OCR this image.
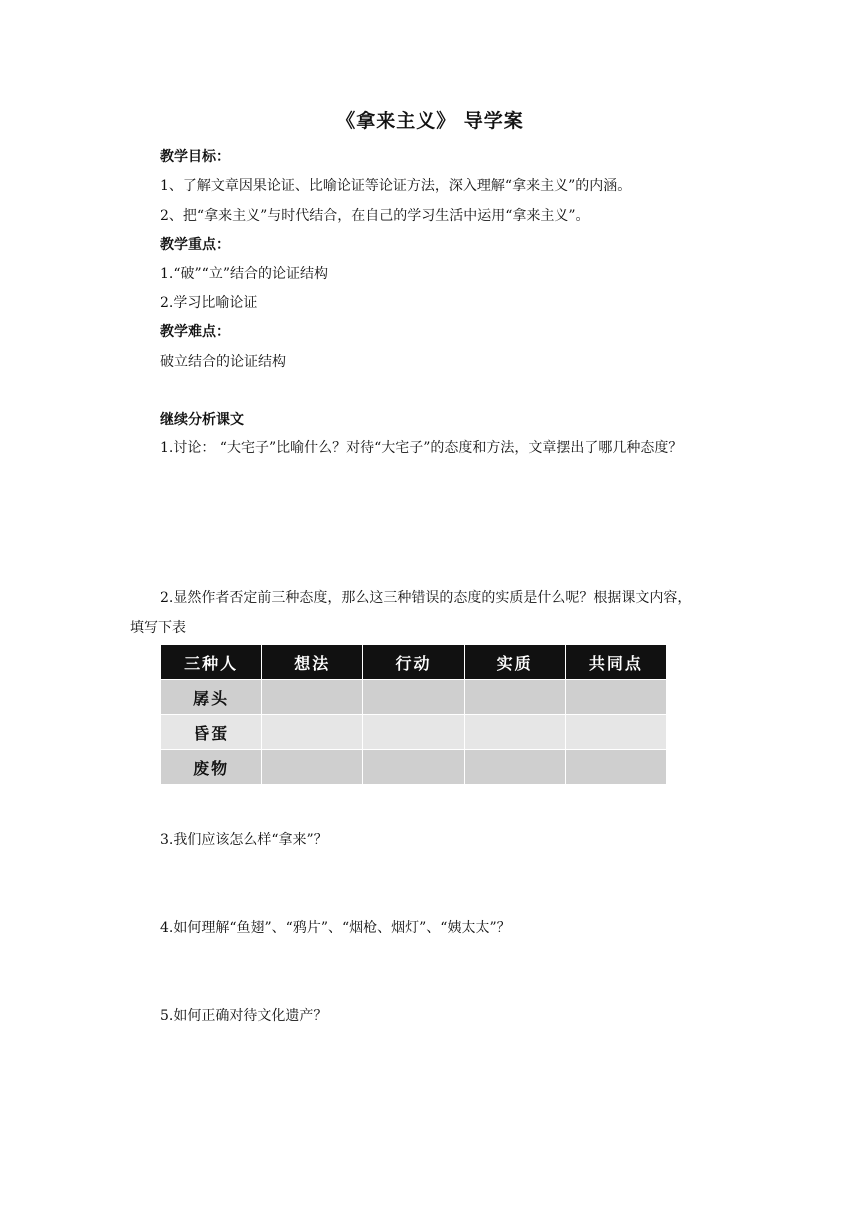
《拿来主义》 导学案
教学目标：
1、了解文章因果论证、比喻论证等论证方法，深入理解“拿来主义”的内涵。
2、把“拿来主义”与时代结合，在自己的学习生活中运用“拿来主义”。
教学重点：
1.“破”“立”结合的论证结构
2.学习比喻论证
教学难点：
破立结合的论证结构
继续分析课文
1.讨论： “大宅子”比喻什么？对待“大宅子”的态度和方法，文章摆出了哪几种态度？
2.显然作者否定前三种态度，那么这三种错误的态度的实质是什么呢？根据课文内容，填写下表
三种人	想法	行动	实质	共同点
孱头				
昏蛋				
废物				
3.我们应该怎么样“拿来”？
4.如何理解“鱼翅”、“鸦片”、“烟枪、烟灯”、“姨太太”？
5.如何正确对待文化遗产？
